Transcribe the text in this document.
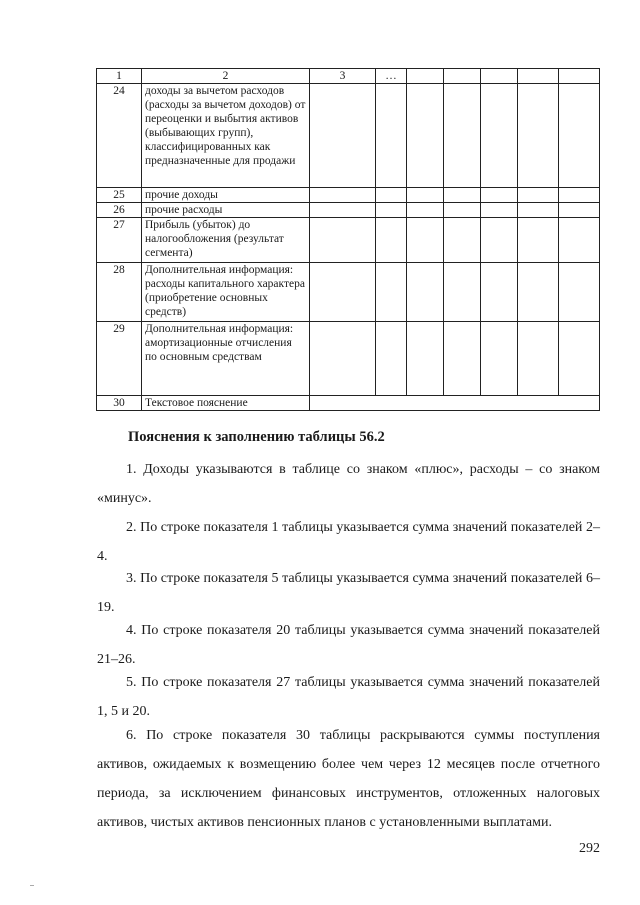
1	2	3	…					
24	доходы за вычетом расходов (расходы за вычетом доходов) от переоценки и выбытия активов (выбывающих групп), классифицированных как предназначенные для продажи							
25	прочие доходы							
26	прочие расходы							
27	Прибыль (убыток) до налогообложения (результат сегмента)							
28	Дополнительная информация: расходы капитального характера (приобретение основных средств)							
29	Дополнительная информация: амортизационные отчисления по основным средствам							
30	Текстовое пояснение							
Пояснения к заполнению таблицы 56.2

1. Доходы указываются в таблице со знаком «плюс», расходы – со знаком «минус».

2. По строке показателя 1 таблицы указывается сумма значений показателей 2–4.

3. По строке показателя 5 таблицы указывается сумма значений показателей 6–19.

4. По строке показателя 20 таблицы указывается сумма значений показателей 21–26.

5. По строке показателя 27 таблицы указывается сумма значений показателей 1, 5 и 20.

6. По строке показателя 30 таблицы раскрываются суммы поступления активов, ожидаемых к возмещению более чем через 12 месяцев после отчетного периода, за исключением финансовых инструментов, отложенных налоговых активов, чистых активов пенсионных планов с установленными выплатами.

292
